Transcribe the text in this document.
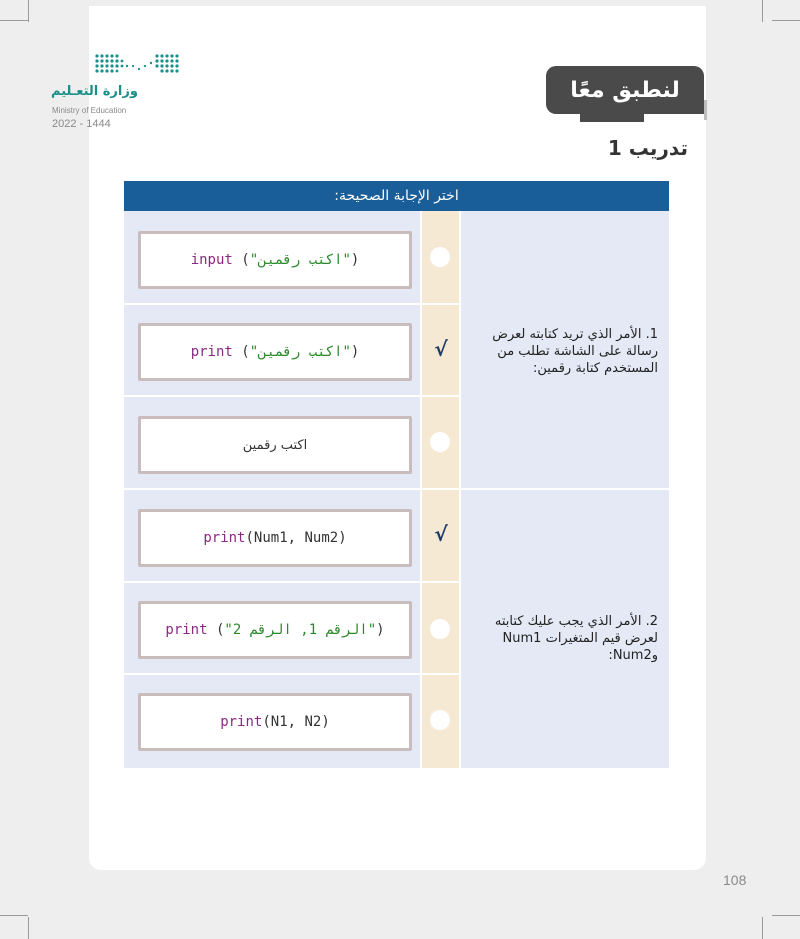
وزارة التعـليم
Ministry of Education
2022 - 1444
لنطبق معًا
تدريب 1
اختر الإجابة الصحيحة:
1. الأمر الذي تريد كتابته لعرض رسالة على الشاشة تطلب من المستخدم كتابة رقمين:
input ( "اكتب رقمين" )
print ( "اكتب رقمين" )	√
اكتب رقمين
2. الأمر الذي يجب عليك كتابته لعرض قيم المتغيرات Num1 وNum2:
print (Num1, Num2)	√
print ( "الرقم 1, الرقم 2" )
print (N1, N2)
108
